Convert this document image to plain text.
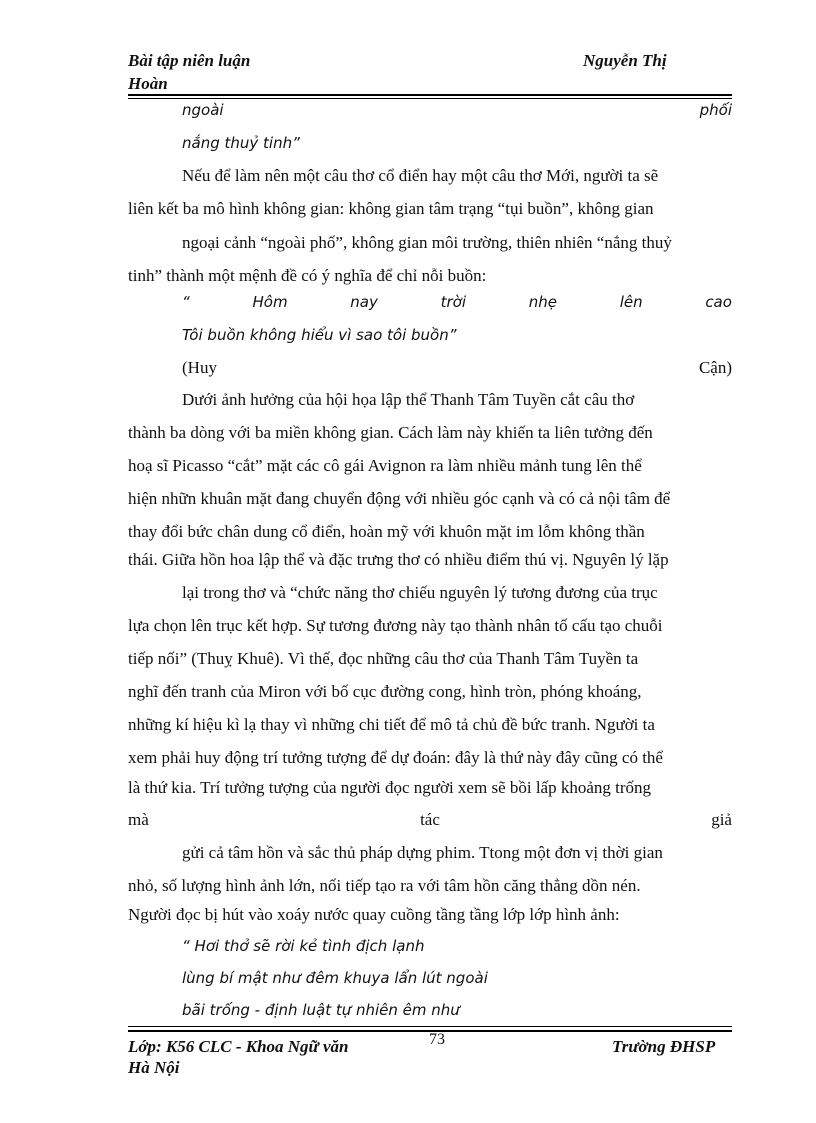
Bài tập niên luận	Nguyễn Thị
Hoàn
ngoài	phối
nắng thuỷ tinh”
Nếu để làm nên một câu thơ cổ điển hay một câu thơ Mới, người ta sẽ
liên kết ba mô hình không gian: không gian tâm trạng “tụi buồn”, không gian
ngoại cảnh “ngoài phố”, không gian môi trường, thiên nhiên “nắng thuỷ
tinh” thành một mệnh đề có ý nghĩa để chỉ nỗi buồn:
“	Hôm	nay	trời	nhẹ	lên	cao
Tôi buồn không hiểu vì sao tôi buồn”
(Huy	Cận)
Dưới ảnh hưởng của hội họa lập thể Thanh Tâm Tuyền cắt câu thơ
thành ba dòng với ba miền không gian. Cách làm này khiến ta liên tưởng đến
hoạ sĩ Picasso “cắt” mặt các cô gái Avignon ra làm nhiều mảnh tung lên thể
hiện nhữn khuân mặt đang chuyển động với nhiều góc cạnh và có cả nội tâm để
thay đổi bức chân dung cổ điển, hoàn mỹ với khuôn mặt im lỗm không thần
thái. Giữa hồn hoa lập thể và đặc trưng thơ có nhiều điểm thú vị. Nguyên lý lặp
lại trong thơ và “chức năng thơ chiếu nguyên lý tương đương của trục
lựa chọn lên trục kết hợp. Sự tương đương này tạo thành nhân tố cấu tạo chuỗi
tiếp nối” (Thuỵ Khuê). Vì thế, đọc những câu thơ của Thanh Tâm Tuyền ta
nghĩ đến tranh của Miron với bố cục đường cong, hình tròn, phóng khoáng,
những kí hiệu kì lạ thay vì những chi tiết để mô tả chủ đề bức tranh. Người ta
xem phải huy động trí tưởng tượng để dự đoán: đây là thứ này đây cũng có thể
là thứ kia. Trí tưởng tượng của người đọc người xem sẽ bồi lấp khoảng trống
mà	tác	giả
gửi cả tâm hồn và sắc thủ pháp dựng phim. Ttong một đơn vị thời gian
nhỏ, số lượng hình ảnh lớn, nối tiếp tạo ra với tâm hồn căng thẳng dồn nén.
Người đọc bị hút vào xoáy nước quay cuồng tầng tầng lớp lớp hình ảnh:
“ Hơi thở sẽ rời kẻ tình địch lạnh
lùng bí mật như đêm khuya lẩn lút ngoài
bãi trống - định luật tự nhiên êm như
Lớp: K56 CLC - Khoa Ngữ văn	73	Trường ĐHSP
Hà Nội
